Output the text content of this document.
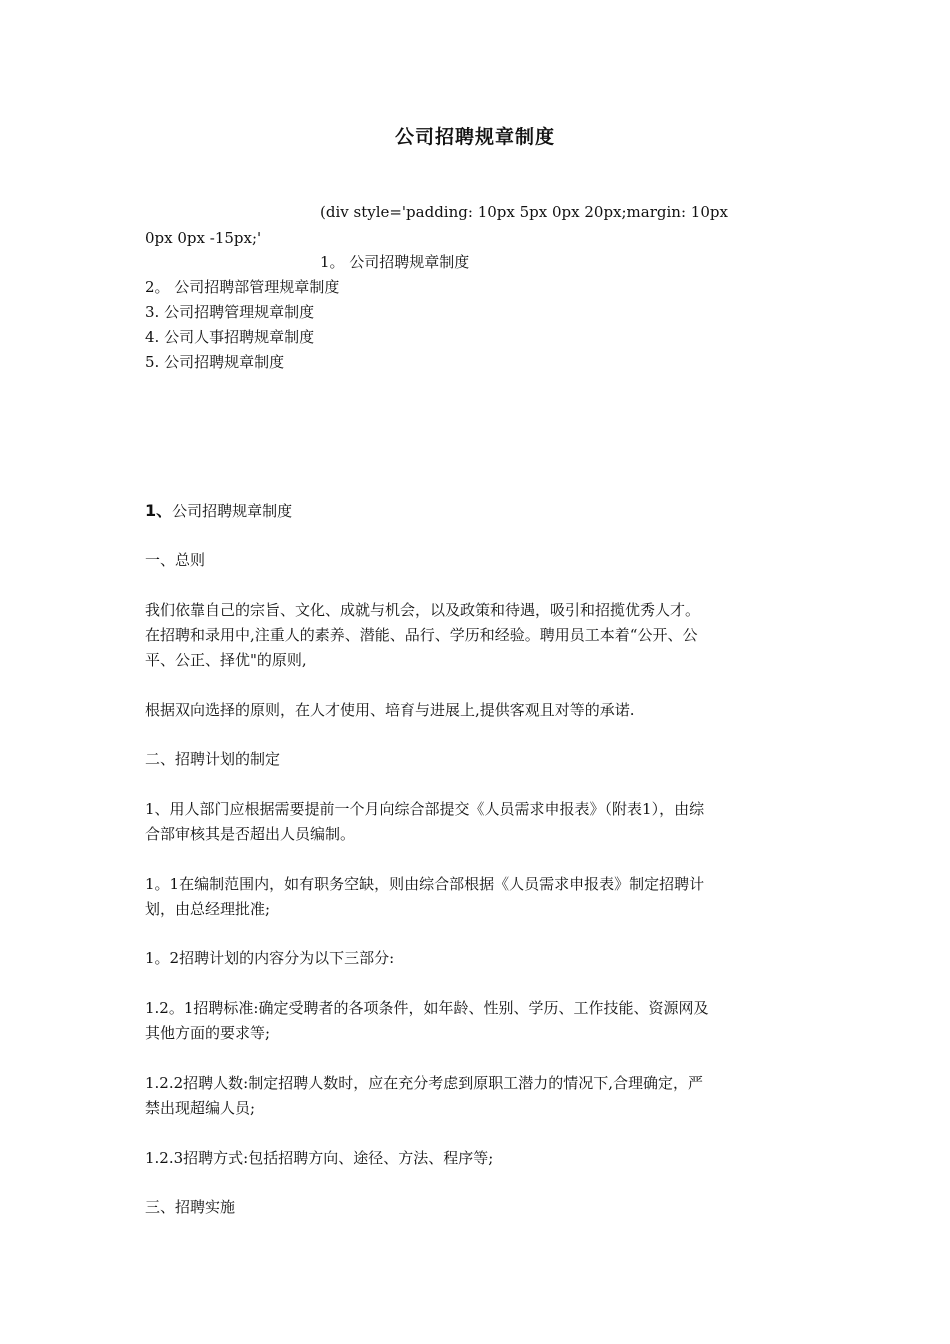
公司招聘规章制度
(div style='padding: 10px 5px 0px 20px;margin: 10px
0px 0px -15px;'
1。 公司招聘规章制度
2。 公司招聘部管理规章制度
3. 公司招聘管理规章制度
4. 公司人事招聘规章制度
5. 公司招聘规章制度
1、公司招聘规章制度
一、总则
我们依靠自己的宗旨、文化、成就与机会，以及政策和待遇，吸引和招揽优秀人才。
在招聘和录用中,注重人的素养、潜能、品行、学历和经验。聘用员工本着“公开、公
平、公正、择优"的原则,
根据双向选择的原则，在人才使用、培育与进展上,提供客观且对等的承诺.
二、招聘计划的制定
1、用人部门应根据需要提前一个月向综合部提交《人员需求申报表》（附表1），由综
合部审核其是否超出人员编制。
1。1在编制范围内，如有职务空缺，则由综合部根据《人员需求申报表》制定招聘计
划，由总经理批准;
1。2招聘计划的内容分为以下三部分:
1.2。1招聘标准:确定受聘者的各项条件，如年龄、性别、学历、工作技能、资源网及
其他方面的要求等;
1.2.2招聘人数:制定招聘人数时，应在充分考虑到原职工潜力的情况下,合理确定，严
禁出现超编人员;
1.2.3招聘方式:包括招聘方向、途径、方法、程序等;
三、招聘实施
